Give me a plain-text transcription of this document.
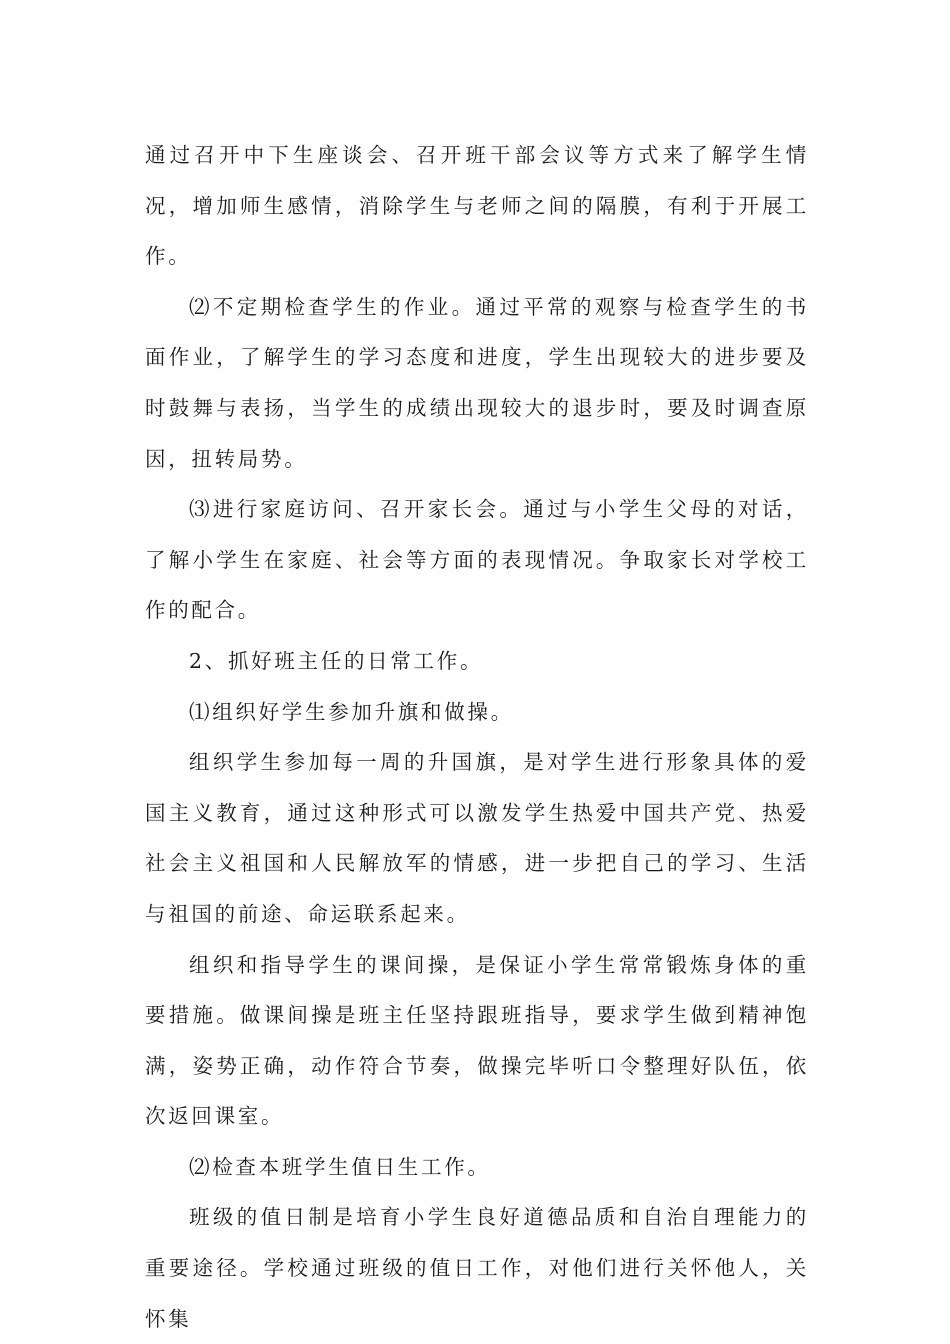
通过召开中下生座谈会、召开班干部会议等方式来了解学生情况，增加师生感情，消除学生与老师之间的隔膜，有利于开展工作。

⑵不定期检查学生的作业。通过平常的观察与检查学生的书面作业，了解学生的学习态度和进度，学生出现较大的进步要及时鼓舞与表扬，当学生的成绩出现较大的退步时，要及时调查原因，扭转局势。

⑶进行家庭访问、召开家长会。通过与小学生父母的对话，了解小学生在家庭、社会等方面的表现情况。争取家长对学校工作的配合。

2、抓好班主任的日常工作。

⑴组织好学生参加升旗和做操。

组织学生参加每一周的升国旗，是对学生进行形象具体的爱国主义教育，通过这种形式可以激发学生热爱中国共产党、热爱社会主义祖国和人民解放军的情感，进一步把自己的学习、生活与祖国的前途、命运联系起来。

组织和指导学生的课间操，是保证小学生常常锻炼身体的重要措施。做课间操是班主任坚持跟班指导，要求学生做到精神饱满，姿势正确，动作符合节奏，做操完毕听口令整理好队伍，依次返回课室。

⑵检查本班学生值日生工作。

班级的值日制是培育小学生良好道德品质和自治自理能力的重要途径。学校通过班级的值日工作，对他们进行关怀他人，关怀集
